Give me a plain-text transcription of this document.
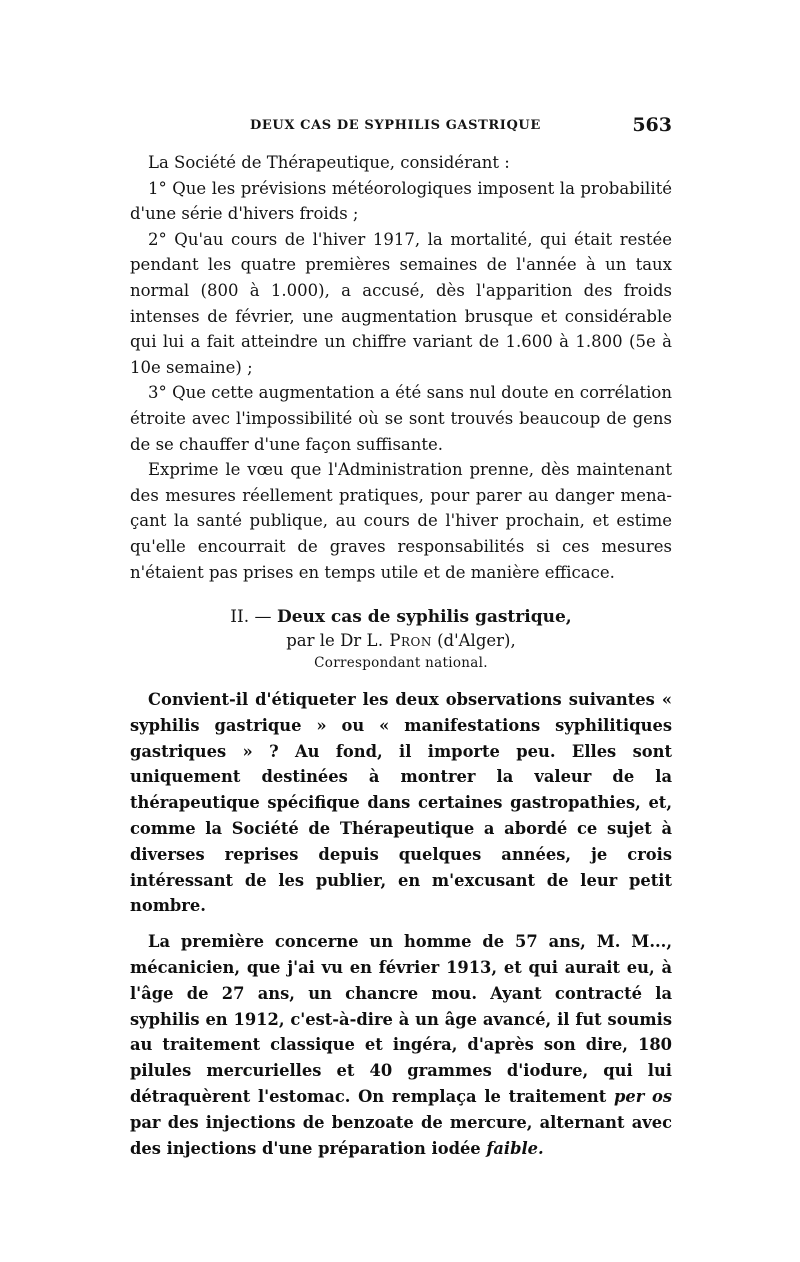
DEUX CAS DE SYPHILIS GASTRIQUE	563

La Société de Thérapeutique, considérant :

1° Que les prévisions météorologiques imposent la probabilité d'une série d'hivers froids ;

2° Qu'au cours de l'hiver 1917, la mortalité, qui était restée pendant les quatre premières semaines de l'année à un taux normal (800 à 1.000), a accusé, dès l'apparition des froids intenses de février, une augmentation brusque et considérable qui lui a fait atteindre un chiffre variant de 1.600 à 1.800 (5e à 10e semaine) ;

3° Que cette augmentation a été sans nul doute en corrélation étroite avec l'impossibilité où se sont trouvés beaucoup de gens de se chauffer d'une façon suffisante.

Exprime le vœu que l'Administration prenne, dès maintenant des mesures réellement pratiques, pour parer au danger menaçant la santé publique, au cours de l'hiver prochain, et estime qu'elle encourrait de graves responsabilités si ces mesures n'étaient pas prises en temps utile et de manière efficace.

II. — Deux cas de syphilis gastrique,
par le Dr L. Pron (d'Alger),
Correspondant national.

Convient-il d'étiqueter les deux observations suivantes « syphilis gastrique » ou « manifestations syphilitiques gastriques » ? Au fond, il importe peu. Elles sont uniquement destinées à montrer la valeur de la thérapeutique spécifique dans certaines gastropathies, et, comme la Société de Thérapeutique a abordé ce sujet à diverses reprises depuis quelques années, je crois intéressant de les publier, en m'excusant de leur petit nombre.

La première concerne un homme de 57 ans, M. M..., mécanicien, que j'ai vu en février 1913, et qui aurait eu, à l'âge de 27 ans, un chancre mou. Ayant contracté la syphilis en 1912, c'est-à-dire à un âge avancé, il fut soumis au traitement classique et ingéra, d'après son dire, 180 pilules mercurielles et 40 grammes d'iodure, qui lui détraquèrent l'estomac. On remplaça le traitement per os par des injections de benzoate de mercure, alternant avec des injections d'une préparation iodée faible.
